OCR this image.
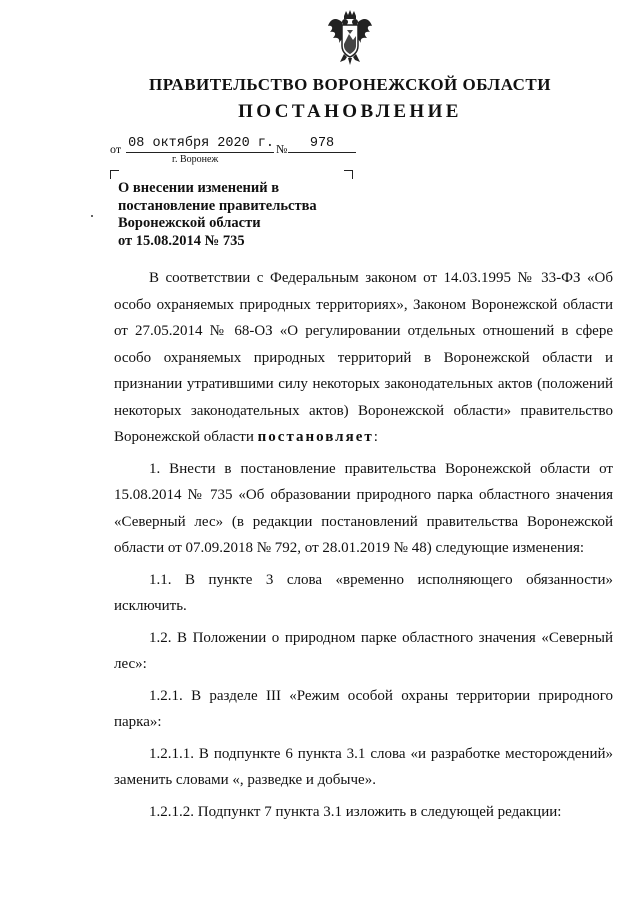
ПРАВИТЕЛЬСТВО ВОРОНЕЖСКОЙ ОБЛАСТИ
ПОСТАНОВЛЕНИЕ
от 08 октября 2020 г. №	978
г. Воронеж
О внесении изменений в
постановление правительства
Воронежской области
от 15.08.2014 № 735

В соответствии с Федеральным законом от 14.03.1995 № 33-ФЗ «Об особо охраняемых природных территориях», Законом Воронежской области от 27.05.2014 № 68-ОЗ «О регулировании отдельных отношений в сфере особо охраняемых природных территорий в Воронежской области и признании утратившими силу некоторых законодательных актов (положений некоторых законодательных актов) Воронежской области» правительство Воронежской области постановляет:

1. Внести в постановление правительства Воронежской области от 15.08.2014 № 735 «Об образовании природного парка областного значения «Северный лес» (в редакции постановлений правительства Воронежской области от 07.09.2018 № 792, от 28.01.2019 № 48) следующие изменения:

1.1. В пункте 3 слова «временно исполняющего обязанности» исключить.

1.2. В Положении о природном парке областного значения «Северный лес»:

1.2.1. В разделе III «Режим особой охраны территории природного парка»:

1.2.1.1. В подпункте 6 пункта 3.1 слова «и разработке месторождений» заменить словами «, разведке и добыче».

1.2.1.2. Подпункт 7 пункта 3.1 изложить в следующей редакции:
